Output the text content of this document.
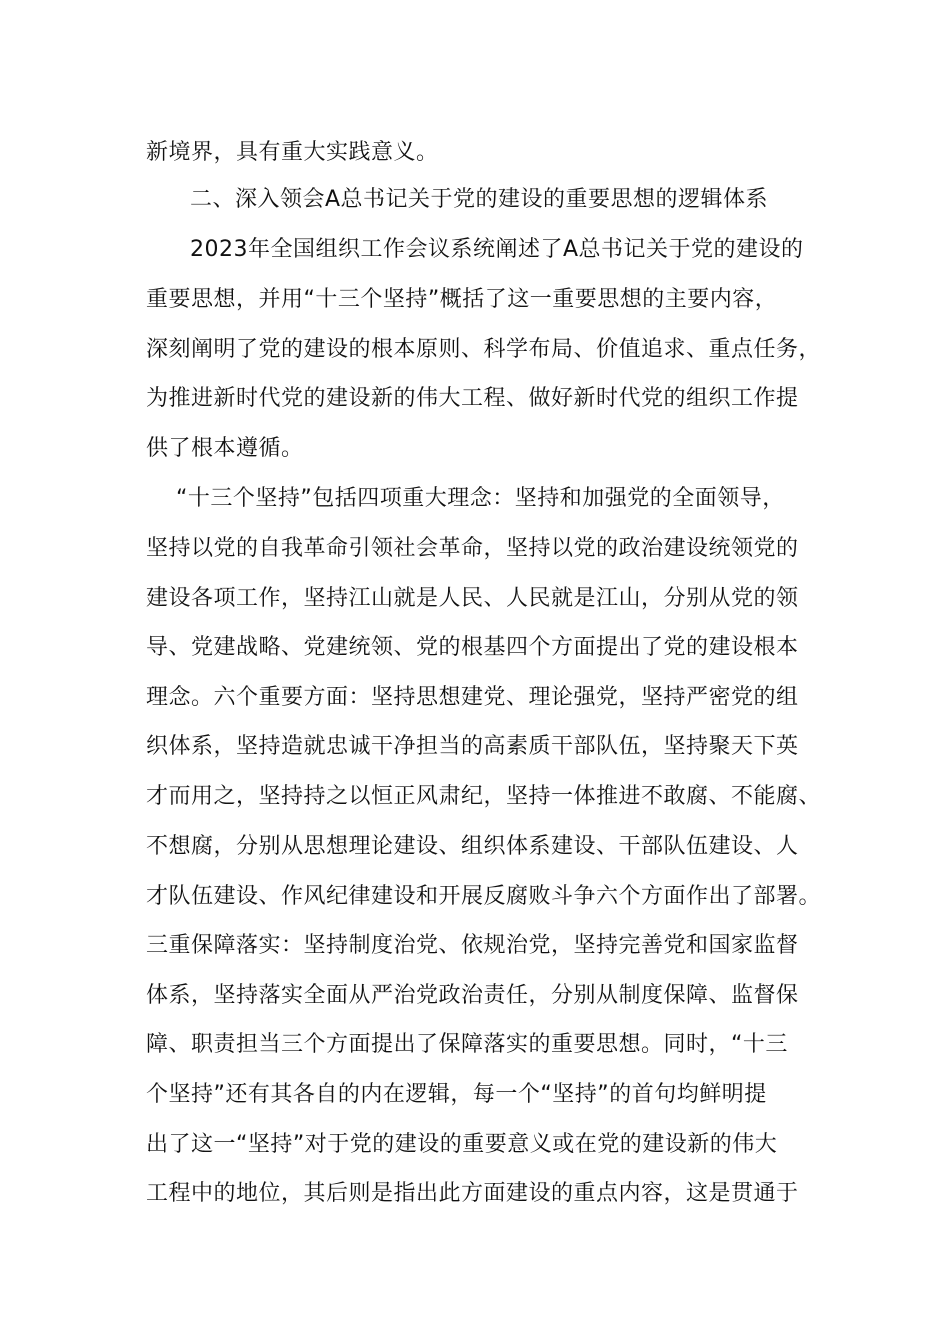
新境界，具有重大实践意义。
二、深入领会A总书记关于党的建设的重要思想的逻辑体系
2023年全国组织工作会议系统阐述了A总书记关于党的建设的
重要思想，并用“十三个坚持”概括了这一重要思想的主要内容，
深刻阐明了党的建设的根本原则、科学布局、价值追求、重点任务，
为推进新时代党的建设新的伟大工程、做好新时代党的组织工作提
供了根本遵循。
“十三个坚持”包括四项重大理念：坚持和加强党的全面领导，
坚持以党的自我革命引领社会革命，坚持以党的政治建设统领党的
建设各项工作，坚持江山就是人民、人民就是江山，分别从党的领
导、党建战略、党建统领、党的根基四个方面提出了党的建设根本
理念。六个重要方面：坚持思想建党、理论强党，坚持严密党的组
织体系，坚持造就忠诚干净担当的高素质干部队伍，坚持聚天下英
才而用之，坚持持之以恒正风肃纪，坚持一体推进不敢腐、不能腐、
不想腐，分别从思想理论建设、组织体系建设、干部队伍建设、人
才队伍建设、作风纪律建设和开展反腐败斗争六个方面作出了部署。
三重保障落实：坚持制度治党、依规治党，坚持完善党和国家监督
体系，坚持落实全面从严治党政治责任，分别从制度保障、监督保
障、职责担当三个方面提出了保障落实的重要思想。同时，“十三
个坚持”还有其各自的内在逻辑，每一个“坚持”的首句均鲜明提
出了这一“坚持”对于党的建设的重要意义或在党的建设新的伟大
工程中的地位，其后则是指出此方面建设的重点内容，这是贯通于
